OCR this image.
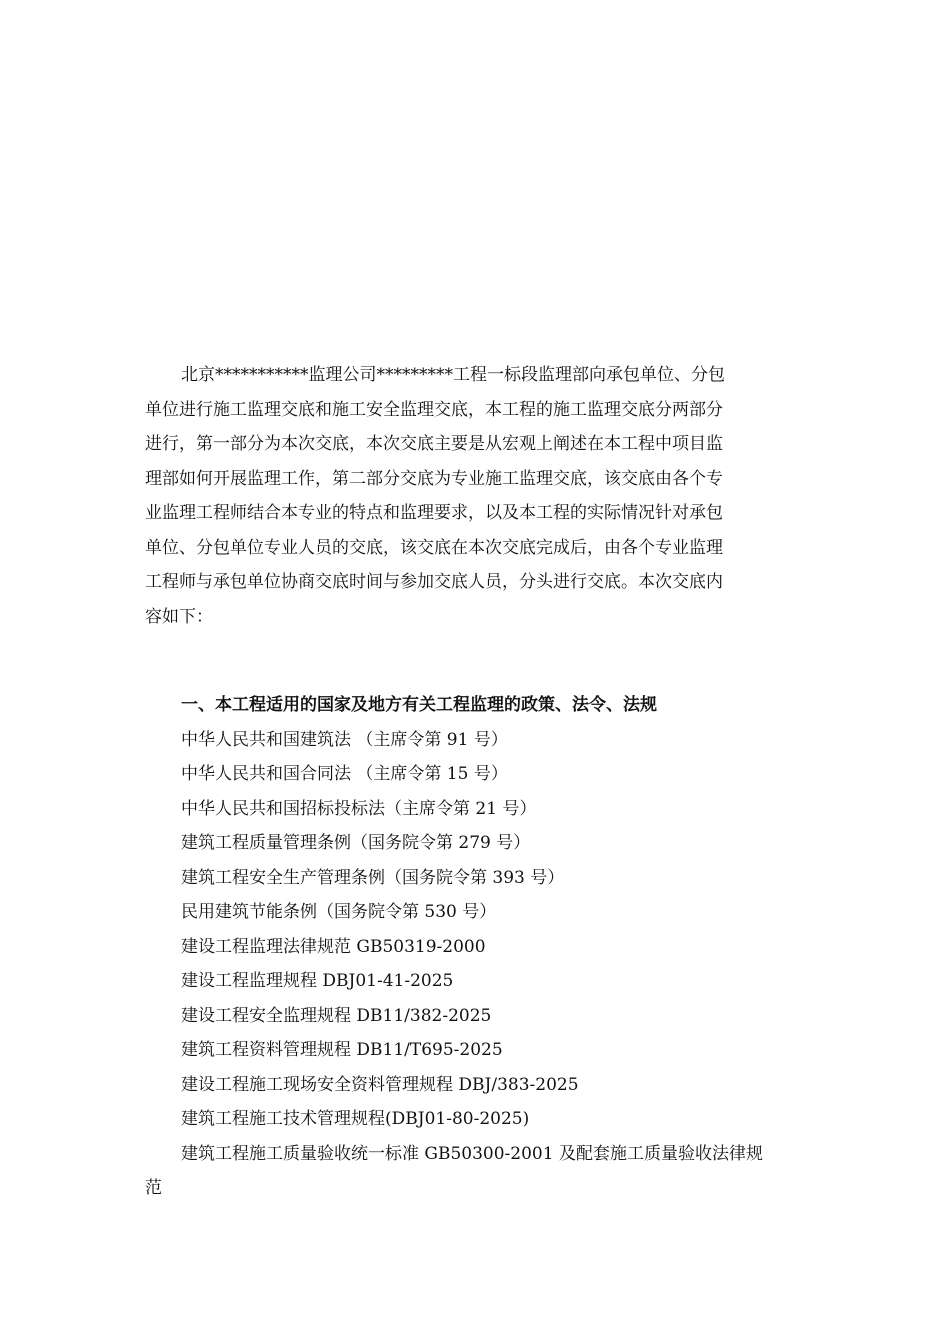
北京***********监理公司*********工程一标段监理部向承包单位、分包
单位进行施工监理交底和施工安全监理交底，本工程的施工监理交底分两部分
进行，第一部分为本次交底，本次交底主要是从宏观上阐述在本工程中项目监
理部如何开展监理工作，第二部分交底为专业施工监理交底，该交底由各个专
业监理工程师结合本专业的特点和监理要求，以及本工程的实际情况针对承包
单位、分包单位专业人员的交底，该交底在本次交底完成后，由各个专业监理
工程师与承包单位协商交底时间与参加交底人员，分头进行交底。本次交底内
容如下：
一、本工程适用的国家及地方有关工程监理的政策、法令、法规
中华人民共和国建筑法 （主席令第 91 号）
中华人民共和国合同法 （主席令第 15 号）
中华人民共和国招标投标法（主席令第 21 号）
建筑工程质量管理条例（国务院令第 279 号）
建筑工程安全生产管理条例（国务院令第 393 号）
民用建筑节能条例（国务院令第 530 号）
建设工程监理法律规范 GB50319-2000
建设工程监理规程 DBJ01-41-2025
建设工程安全监理规程 DB11/382-2025
建筑工程资料管理规程 DB11/T695-2025
建设工程施工现场安全资料管理规程 DBJ/383-2025
建筑工程施工技术管理规程(DBJ01-80-2025)
建筑工程施工质量验收统一标准 GB50300-2001 及配套施工质量验收法律规
范
